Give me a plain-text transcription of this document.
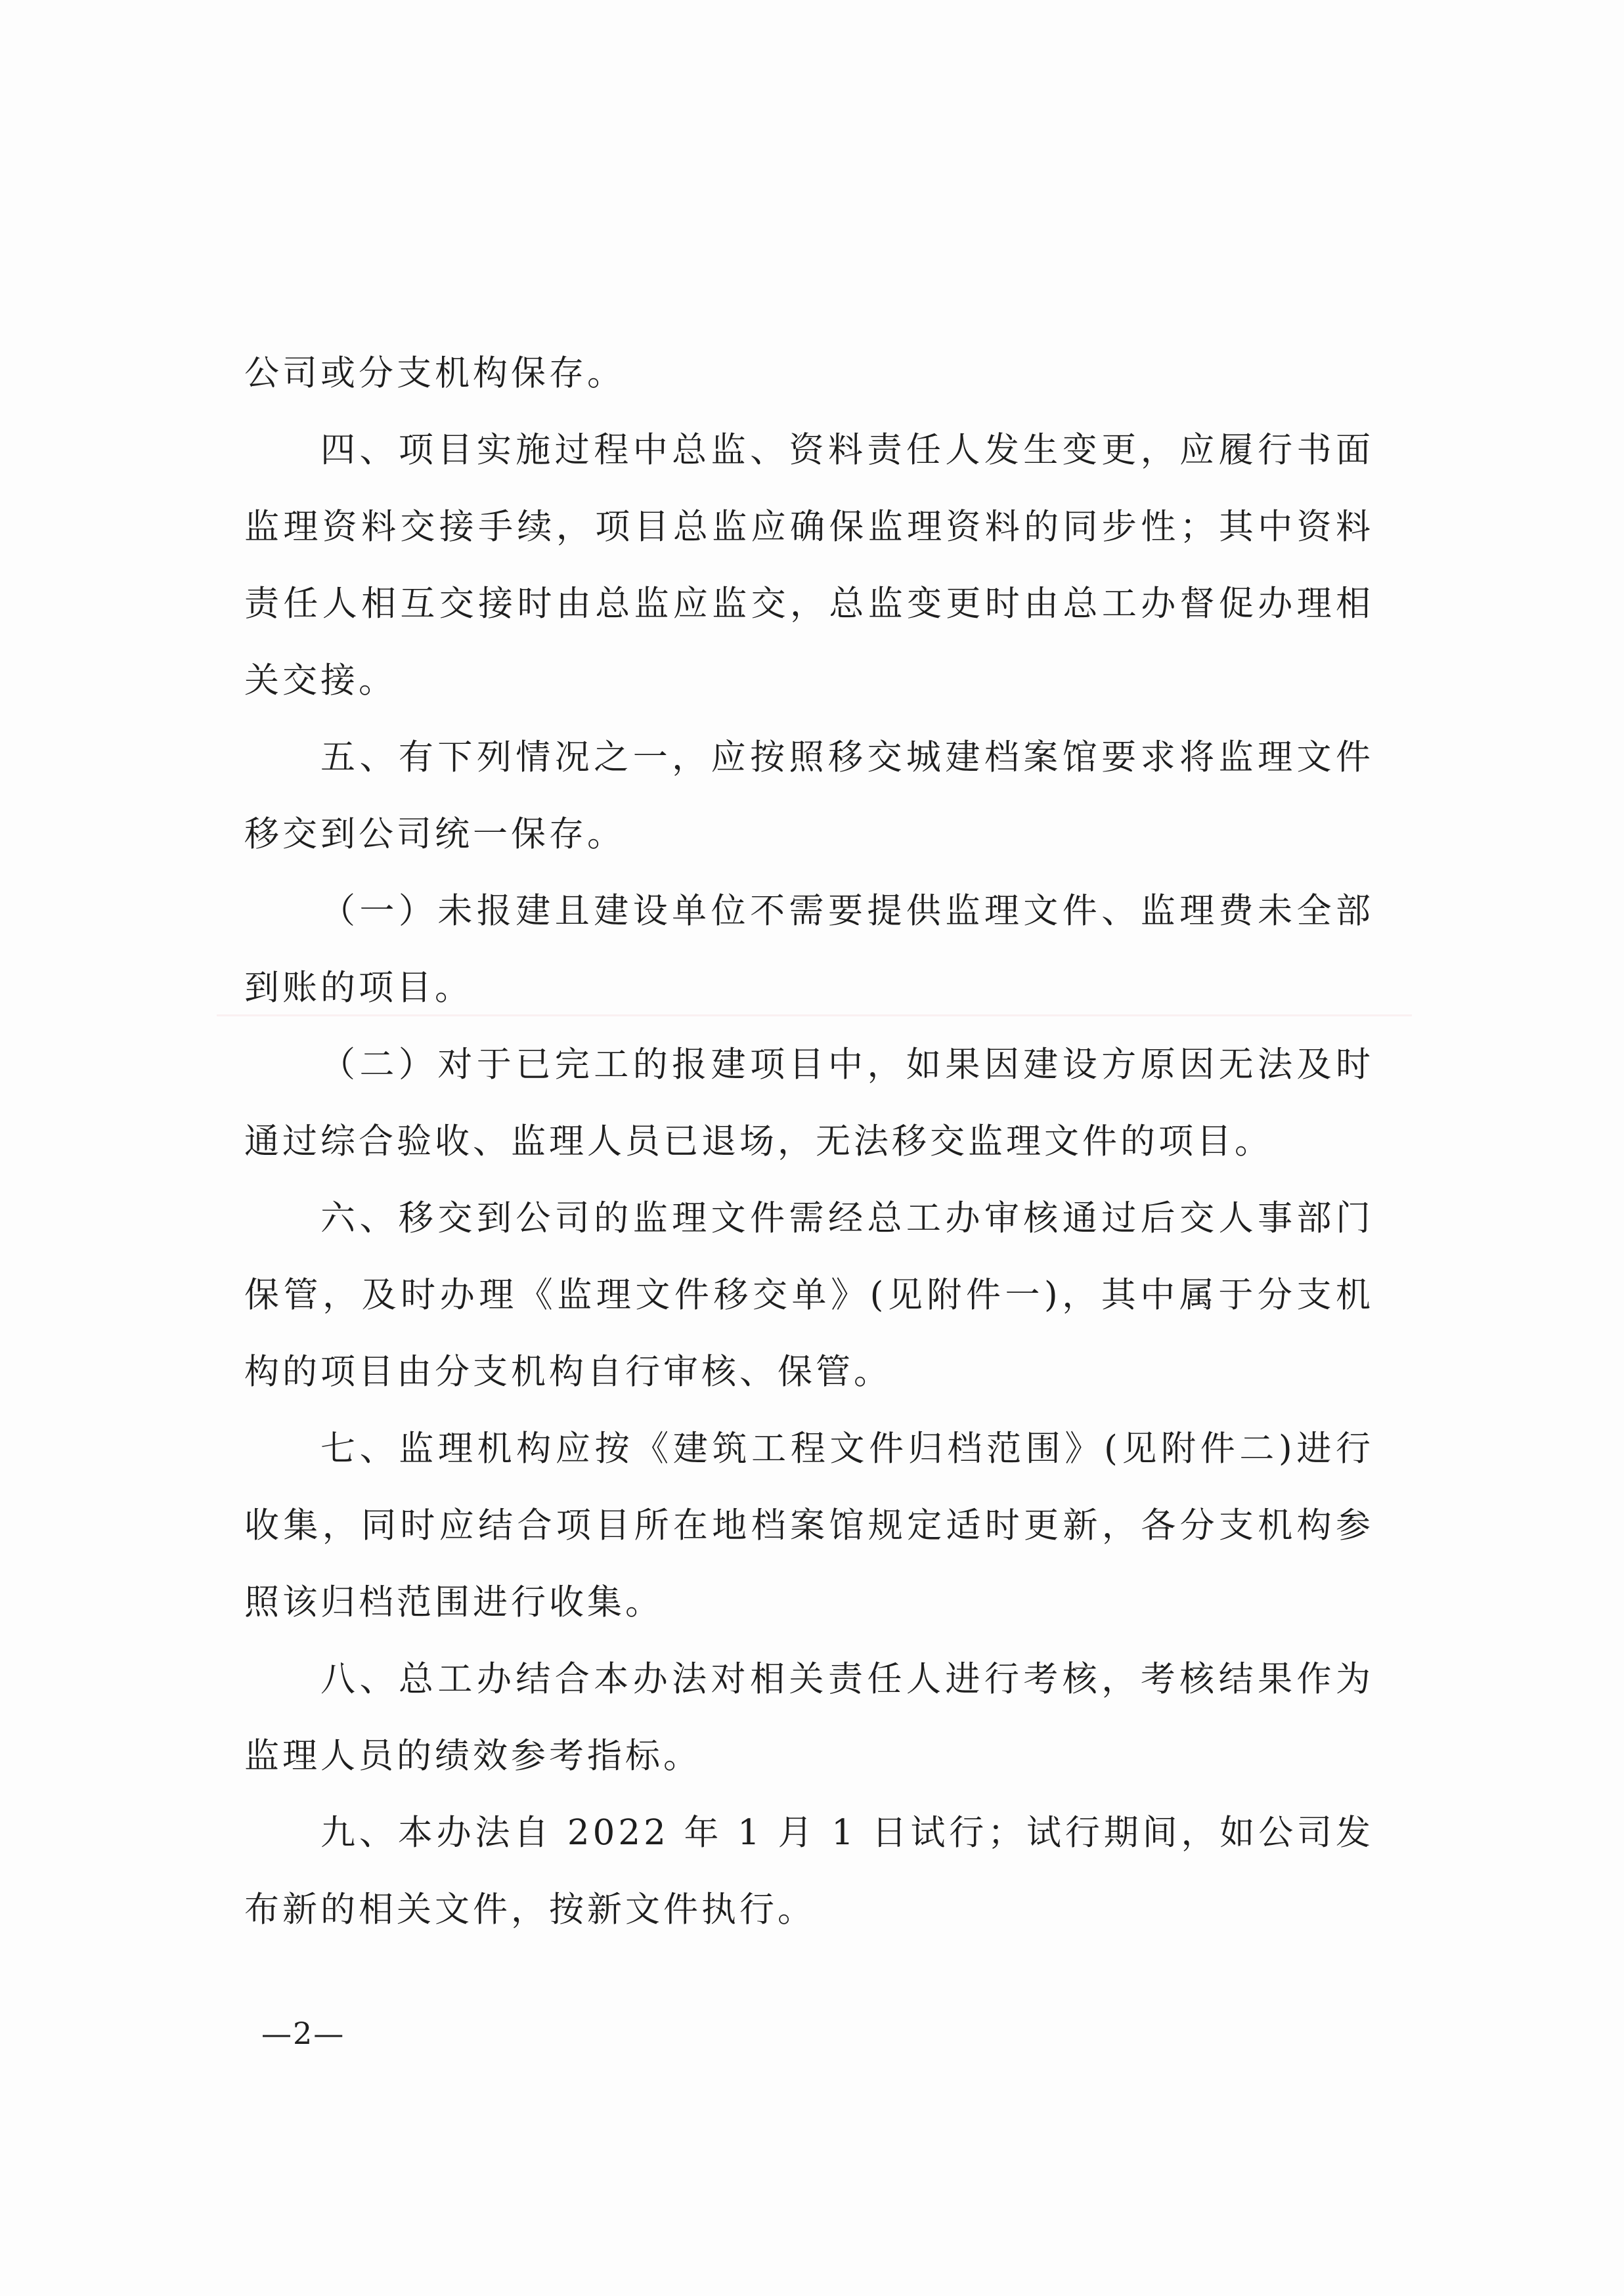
公司或分支机构保存。

四、项目实施过程中总监、资料责任人发生变更，应履行书面监理资料交接手续，项目总监应确保监理资料的同步性；其中资料责任人相互交接时由总监应监交，总监变更时由总工办督促办理相关交接。

五、有下列情况之一，应按照移交城建档案馆要求将监理文件移交到公司统一保存。

（一）未报建且建设单位不需要提供监理文件、监理费未全部到账的项目。

（二）对于已完工的报建项目中，如果因建设方原因无法及时通过综合验收、监理人员已退场，无法移交监理文件的项目。

六、移交到公司的监理文件需经总工办审核通过后交人事部门保管，及时办理《监理文件移交单》(见附件一)，其中属于分支机构的项目由分支机构自行审核、保管。

七、监理机构应按《建筑工程文件归档范围》(见附件二)进行收集，同时应结合项目所在地档案馆规定适时更新，各分支机构参照该归档范围进行收集。

八、总工办结合本办法对相关责任人进行考核，考核结果作为监理人员的绩效参考指标。

九、本办法自 2022 年 1 月 1 日试行；试行期间，如公司发布新的相关文件，按新文件执行。

—2—
